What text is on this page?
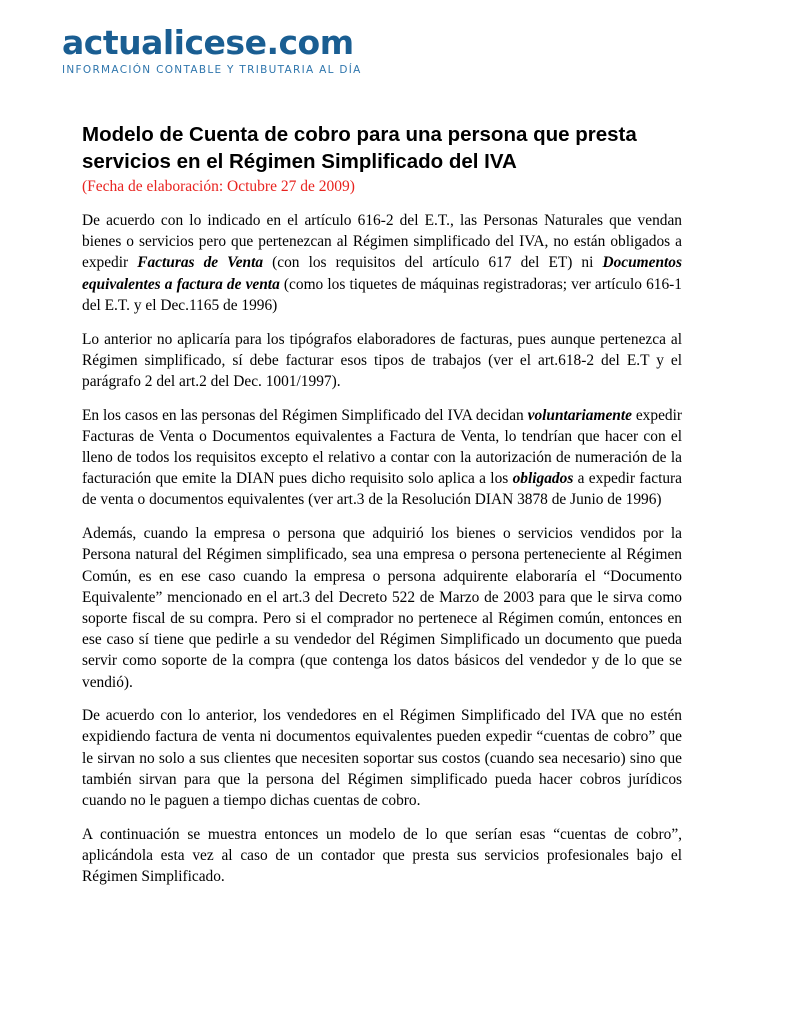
actualicese.com
INFORMACIÓN CONTABLE Y TRIBUTARIA AL DÍA
Modelo de Cuenta de cobro para una persona que presta servicios en el Régimen Simplificado del IVA
(Fecha de elaboración: Octubre 27 de 2009)

De acuerdo con lo indicado en el artículo 616-2 del E.T., las Personas Naturales que vendan bienes o servicios pero que pertenezcan al Régimen simplificado del IVA, no están obligados a expedir Facturas de Venta (con los requisitos del artículo 617 del ET) ni Documentos equivalentes a factura de venta (como los tiquetes de máquinas registradoras; ver artículo 616-1 del E.T. y el Dec.1165 de 1996)

Lo anterior no aplicaría para los tipógrafos elaboradores de facturas, pues aunque pertenezca al Régimen simplificado, sí debe facturar esos tipos de trabajos (ver el art.618-2 del E.T y el parágrafo 2 del art.2 del Dec. 1001/1997).

En los casos en las personas del Régimen Simplificado del IVA decidan voluntariamente expedir Facturas de Venta o Documentos equivalentes a Factura de Venta, lo tendrían que hacer con el lleno de todos los requisitos excepto el relativo a contar con la autorización de numeración de la facturación que emite la DIAN pues dicho requisito solo aplica a los obligados a expedir factura de venta o documentos equivalentes (ver art.3 de la Resolución DIAN 3878 de Junio de 1996)

Además, cuando la empresa o persona que adquirió los bienes o servicios vendidos por la Persona natural del Régimen simplificado, sea una empresa o persona perteneciente al Régimen Común, es en ese caso cuando la empresa o persona adquirente elaboraría el “Documento Equivalente” mencionado en el art.3 del Decreto 522 de Marzo de 2003 para que le sirva como soporte fiscal de su compra. Pero si el comprador no pertenece al Régimen común, entonces en ese caso sí tiene que pedirle a su vendedor del Régimen Simplificado un documento que pueda servir como soporte de la compra (que contenga los datos básicos del vendedor y de lo que se vendió).

De acuerdo con lo anterior, los vendedores en el Régimen Simplificado del IVA que no estén expidiendo factura de venta ni documentos equivalentes pueden expedir “cuentas de cobro” que le sirvan no solo a sus clientes que necesiten soportar sus costos (cuando sea necesario) sino que también sirvan para que la persona del Régimen simplificado pueda hacer cobros jurídicos cuando no le paguen a tiempo dichas cuentas de cobro.

A continuación se muestra entonces un modelo de lo que serían esas “cuentas de cobro”, aplicándola esta vez al caso de un contador que presta sus servicios profesionales bajo el Régimen Simplificado.
